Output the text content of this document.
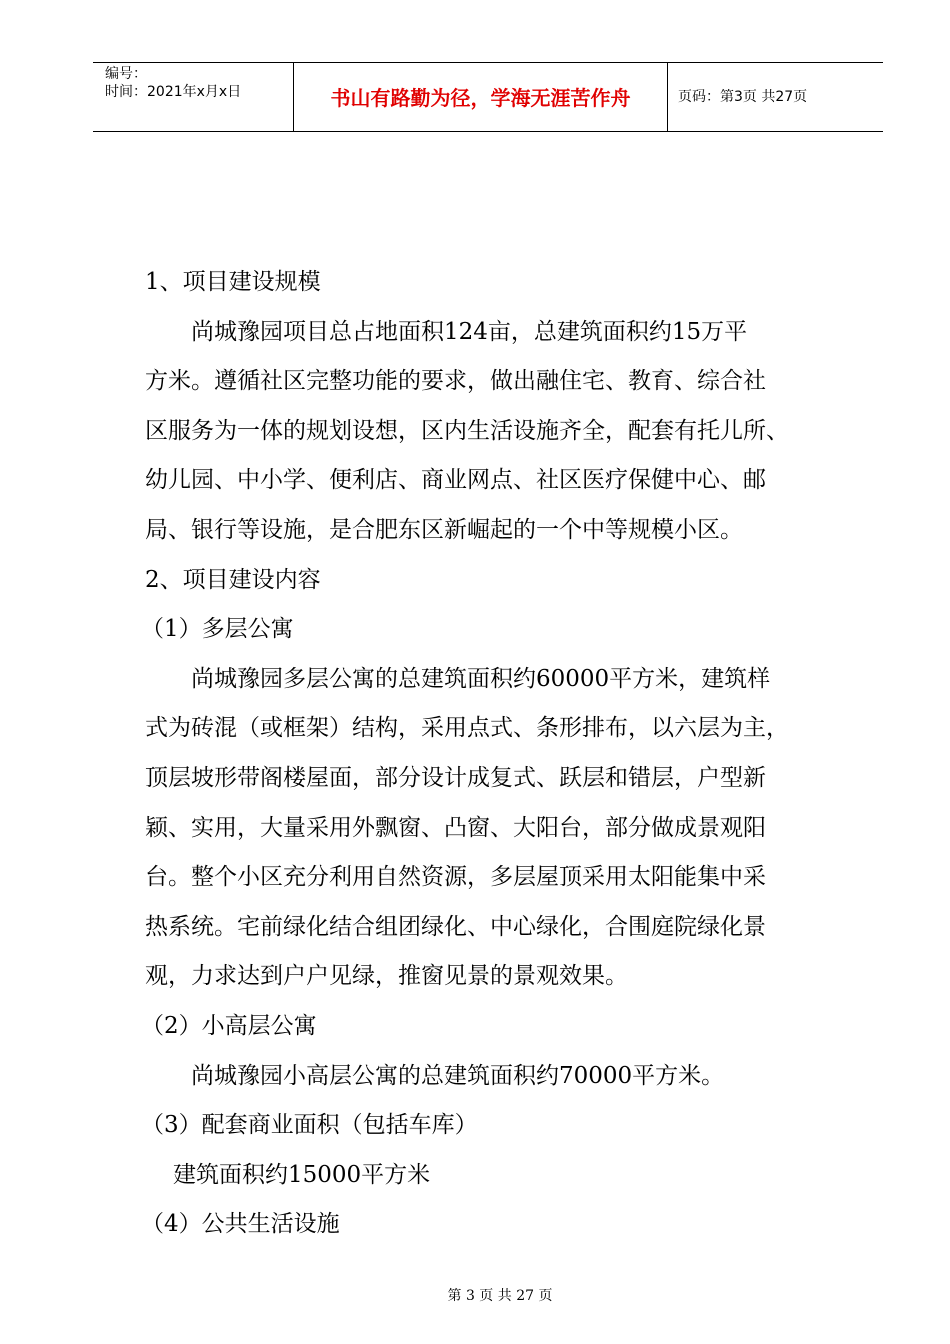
编号：
时间：2021年x月x日	书山有路勤为径，学海无涯苦作舟	页码：第3页 共27页
1、项目建设规模
尚城豫园项目总占地面积124亩，总建筑面积约15万平
方米。遵循社区完整功能的要求，做出融住宅、教育、综合社
区服务为一体的规划设想，区内生活设施齐全，配套有托儿所、
幼儿园、中小学、便利店、商业网点、社区医疗保健中心、邮
局、银行等设施，是合肥东区新崛起的一个中等规模小区。
2、项目建设内容
（1）多层公寓
尚城豫园多层公寓的总建筑面积约60000平方米，建筑样
式为砖混（或框架）结构，采用点式、条形排布，以六层为主，
顶层坡形带阁楼屋面，部分设计成复式、跃层和错层，户型新
颖、实用，大量采用外飘窗、凸窗、大阳台，部分做成景观阳
台。整个小区充分利用自然资源，多层屋顶采用太阳能集中采
热系统。宅前绿化结合组团绿化、中心绿化，合围庭院绿化景
观，力求达到户户见绿，推窗见景的景观效果。
（2）小高层公寓
尚城豫园小高层公寓的总建筑面积约70000平方米。
（3）配套商业面积（包括车库）
建筑面积约15000平方米
（4）公共生活设施
第 3 页 共 27 页
